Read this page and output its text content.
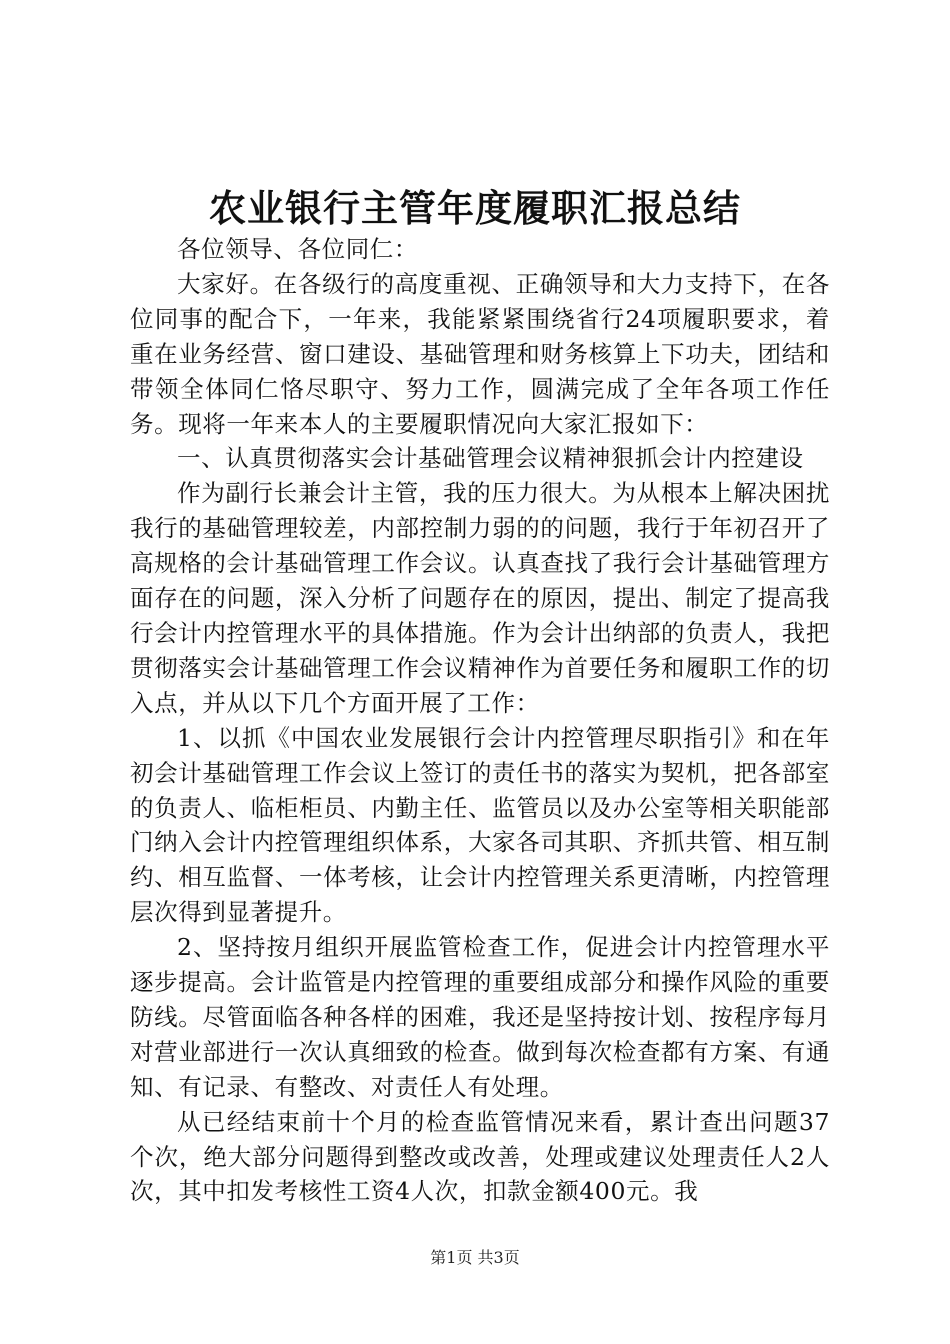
农业银行主管年度履职汇报总结

各位领导、各位同仁：

大家好。在各级行的高度重视、正确领导和大力支持下，在各位同事的配合下，一年来，我能紧紧围绕省行24项履职要求，着重在业务经营、窗口建设、基础管理和财务核算上下功夫，团结和带领全体同仁恪尽职守、努力工作，圆满完成了全年各项工作任务。现将一年来本人的主要履职情况向大家汇报如下：

一、认真贯彻落实会计基础管理会议精神狠抓会计内控建设

作为副行长兼会计主管，我的压力很大。为从根本上解决困扰我行的基础管理较差，内部控制力弱的的问题，我行于年初召开了高规格的会计基础管理工作会议。认真查找了我行会计基础管理方面存在的问题，深入分析了问题存在的原因，提出、制定了提高我行会计内控管理水平的具体措施。作为会计出纳部的负责人，我把贯彻落实会计基础管理工作会议精神作为首要任务和履职工作的切入点，并从以下几个方面开展了工作：

1、以抓《中国农业发展银行会计内控管理尽职指引》和在年初会计基础管理工作会议上签订的责任书的落实为契机，把各部室的负责人、临柜柜员、内勤主任、监管员以及办公室等相关职能部门纳入会计内控管理组织体系，大家各司其职、齐抓共管、相互制约、相互监督、一体考核，让会计内控管理关系更清晰，内控管理层次得到显著提升。

2、坚持按月组织开展监管检查工作，促进会计内控管理水平逐步提高。会计监管是内控管理的重要组成部分和操作风险的重要防线。尽管面临各种各样的困难，我还是坚持按计划、按程序每月对营业部进行一次认真细致的检查。做到每次检查都有方案、有通知、有记录、有整改、对责任人有处理。

从已经结束前十个月的检查监管情况来看，累计查出问题37个次，绝大部分问题得到整改或改善，处理或建议处理责任人2人次，其中扣发考核性工资4人次，扣款金额400元。我

第1页 共3页
